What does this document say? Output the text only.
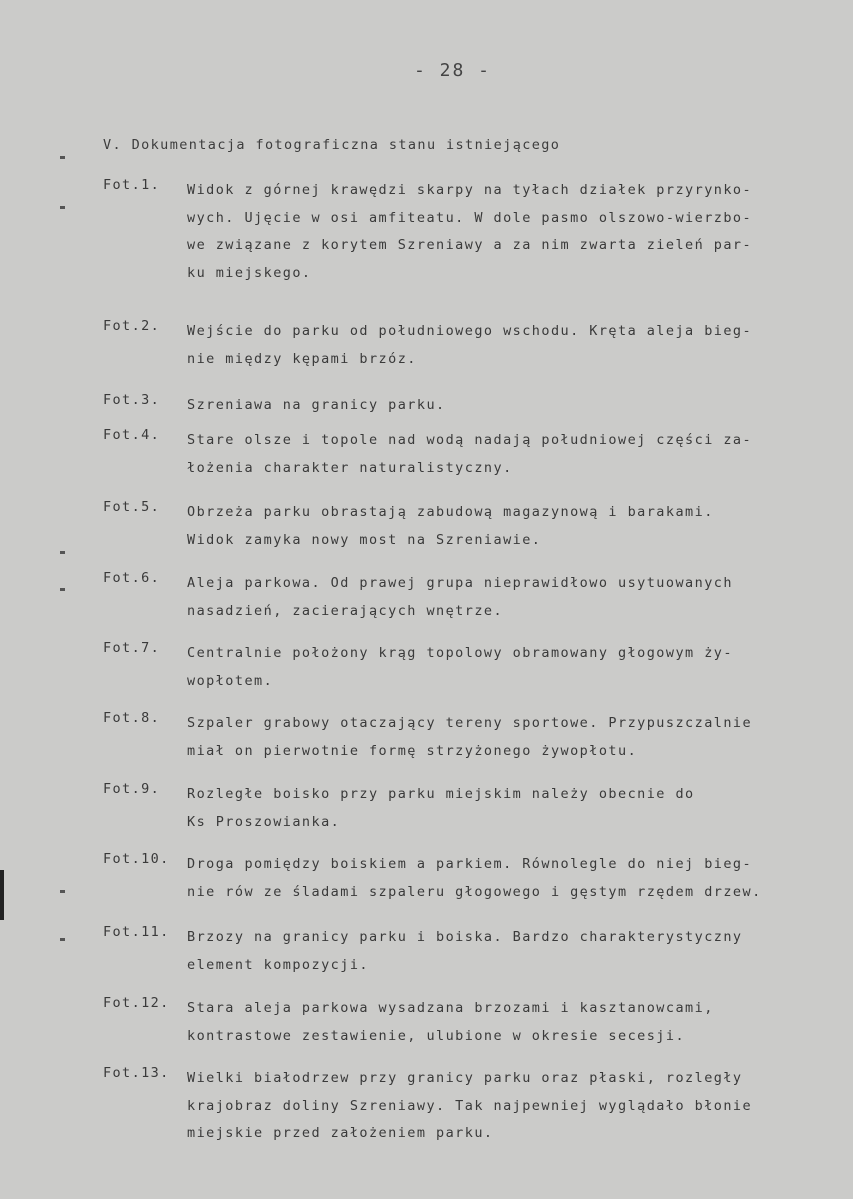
- 28 -
V. Dokumentacja fotograficzna stanu istniejącego
Fot.1.	Widok z górnej krawędzi skarpy na tyłach działek przyrynko-
wych. Ujęcie w osi amfiteatu. W dole pasmo olszowo-wierzbo-
we związane z korytem Szreniawy a za nim zwarta zieleń par-
ku miejskego.
Fot.2.	Wejście do parku od południowego wschodu. Kręta aleja bieg-
nie między kępami brzóz.
Fot.3.	Szreniawa na granicy parku.
Fot.4.	Stare olsze i topole nad wodą nadają południowej części za-
łożenia charakter naturalistyczny.
Fot.5.	Obrzeża parku obrastają zabudową magazynową i barakami.
Widok zamyka nowy most na Szreniawie.
Fot.6.	Aleja parkowa. Od prawej grupa nieprawidłowo usytuowanych
nasadzień, zacierających wnętrze.
Fot.7.	Centralnie położony krąg topolowy obramowany głogowym ży-
wopłotem.
Fot.8.	Szpaler grabowy otaczający tereny sportowe. Przypuszczalnie
miał on pierwotnie formę strzyżonego żywopłotu.
Fot.9.	Rozległe boisko przy parku miejskim należy obecnie do
Ks Proszowianka.
Fot.10.	Droga pomiędzy boiskiem a parkiem. Równolegle do niej bieg-
nie rów ze śladami szpaleru głogowego i gęstym rzędem drzew.
Fot.11.	Brzozy na granicy parku i boiska. Bardzo charakterystyczny
element kompozycji.
Fot.12.	Stara aleja parkowa wysadzana brzozami i kasztanowcami,
kontrastowe zestawienie, ulubione w okresie secesji.
Fot.13.	Wielki białodrzew przy granicy parku oraz płaski, rozległy
krajobraz doliny Szreniawy. Tak najpewniej wyglądało błonie
miejskie przed założeniem parku.
